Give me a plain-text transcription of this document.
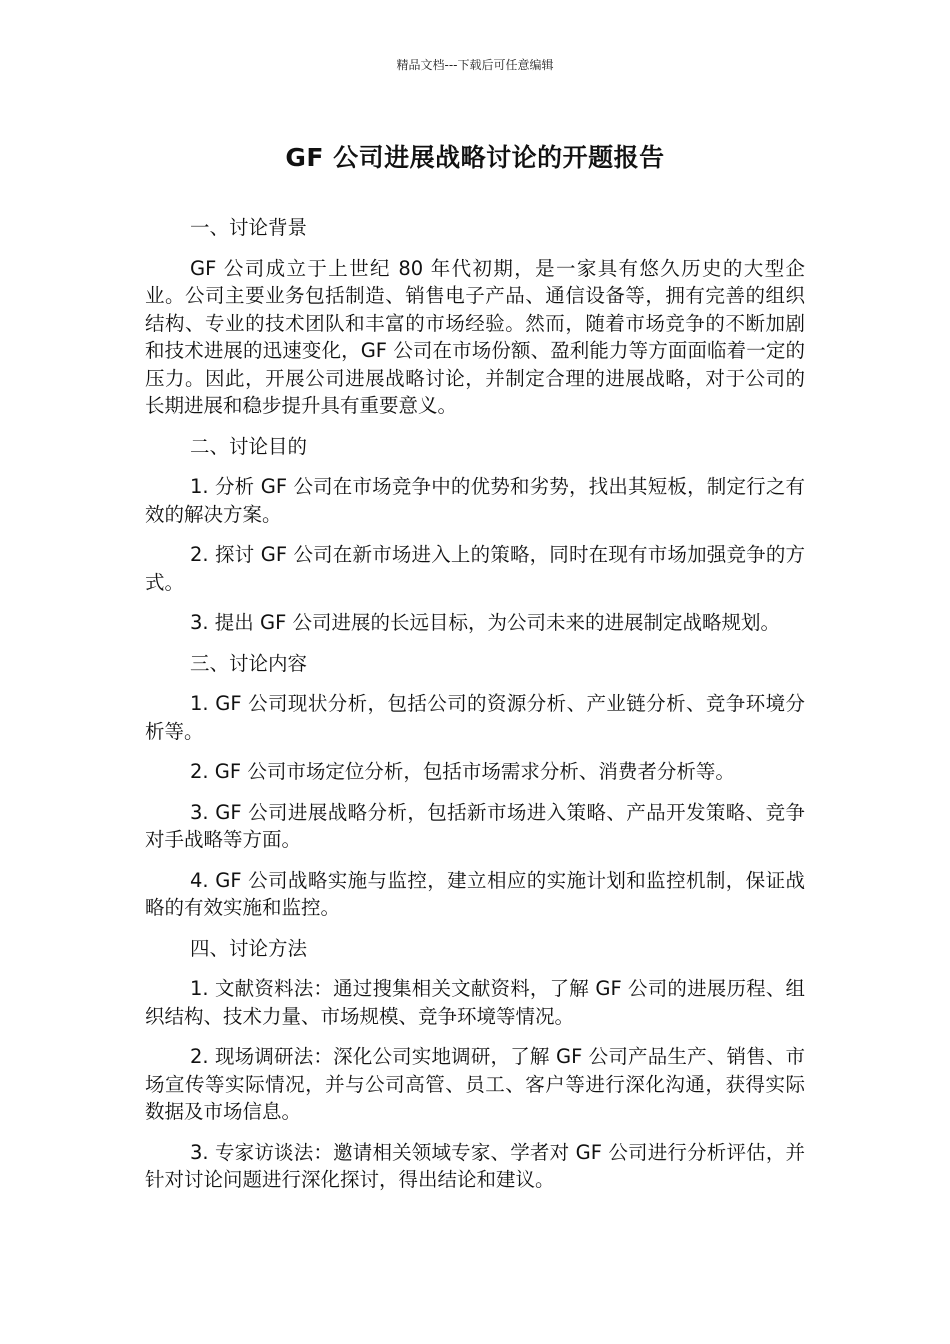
精品文档---下载后可任意编辑
GF 公司进展战略讨论的开题报告

一、讨论背景

GF 公司成立于上世纪 80 年代初期，是一家具有悠久历史的大型企业。公司主要业务包括制造、销售电子产品、通信设备等，拥有完善的组织结构、专业的技术团队和丰富的市场经验。然而，随着市场竞争的不断加剧和技术进展的迅速变化，GF 公司在市场份额、盈利能力等方面面临着一定的压力。因此，开展公司进展战略讨论，并制定合理的进展战略，对于公司的长期进展和稳步提升具有重要意义。

二、讨论目的

1. 分析 GF 公司在市场竞争中的优势和劣势，找出其短板，制定行之有效的解决方案。

2. 探讨 GF 公司在新市场进入上的策略，同时在现有市场加强竞争的方式。

3. 提出 GF 公司进展的长远目标，为公司未来的进展制定战略规划。

三、讨论内容

1. GF 公司现状分析，包括公司的资源分析、产业链分析、竞争环境分析等。

2. GF 公司市场定位分析，包括市场需求分析、消费者分析等。

3. GF 公司进展战略分析，包括新市场进入策略、产品开发策略、竞争对手战略等方面。

4. GF 公司战略实施与监控，建立相应的实施计划和监控机制，保证战略的有效实施和监控。

四、讨论方法

1. 文献资料法：通过搜集相关文献资料，了解 GF 公司的进展历程、组织结构、技术力量、市场规模、竞争环境等情况。

2. 现场调研法：深化公司实地调研，了解 GF 公司产品生产、销售、市场宣传等实际情况，并与公司高管、员工、客户等进行深化沟通，获得实际数据及市场信息。

3. 专家访谈法：邀请相关领域专家、学者对 GF 公司进行分析评估，并针对讨论问题进行深化探讨，得出结论和建议。
